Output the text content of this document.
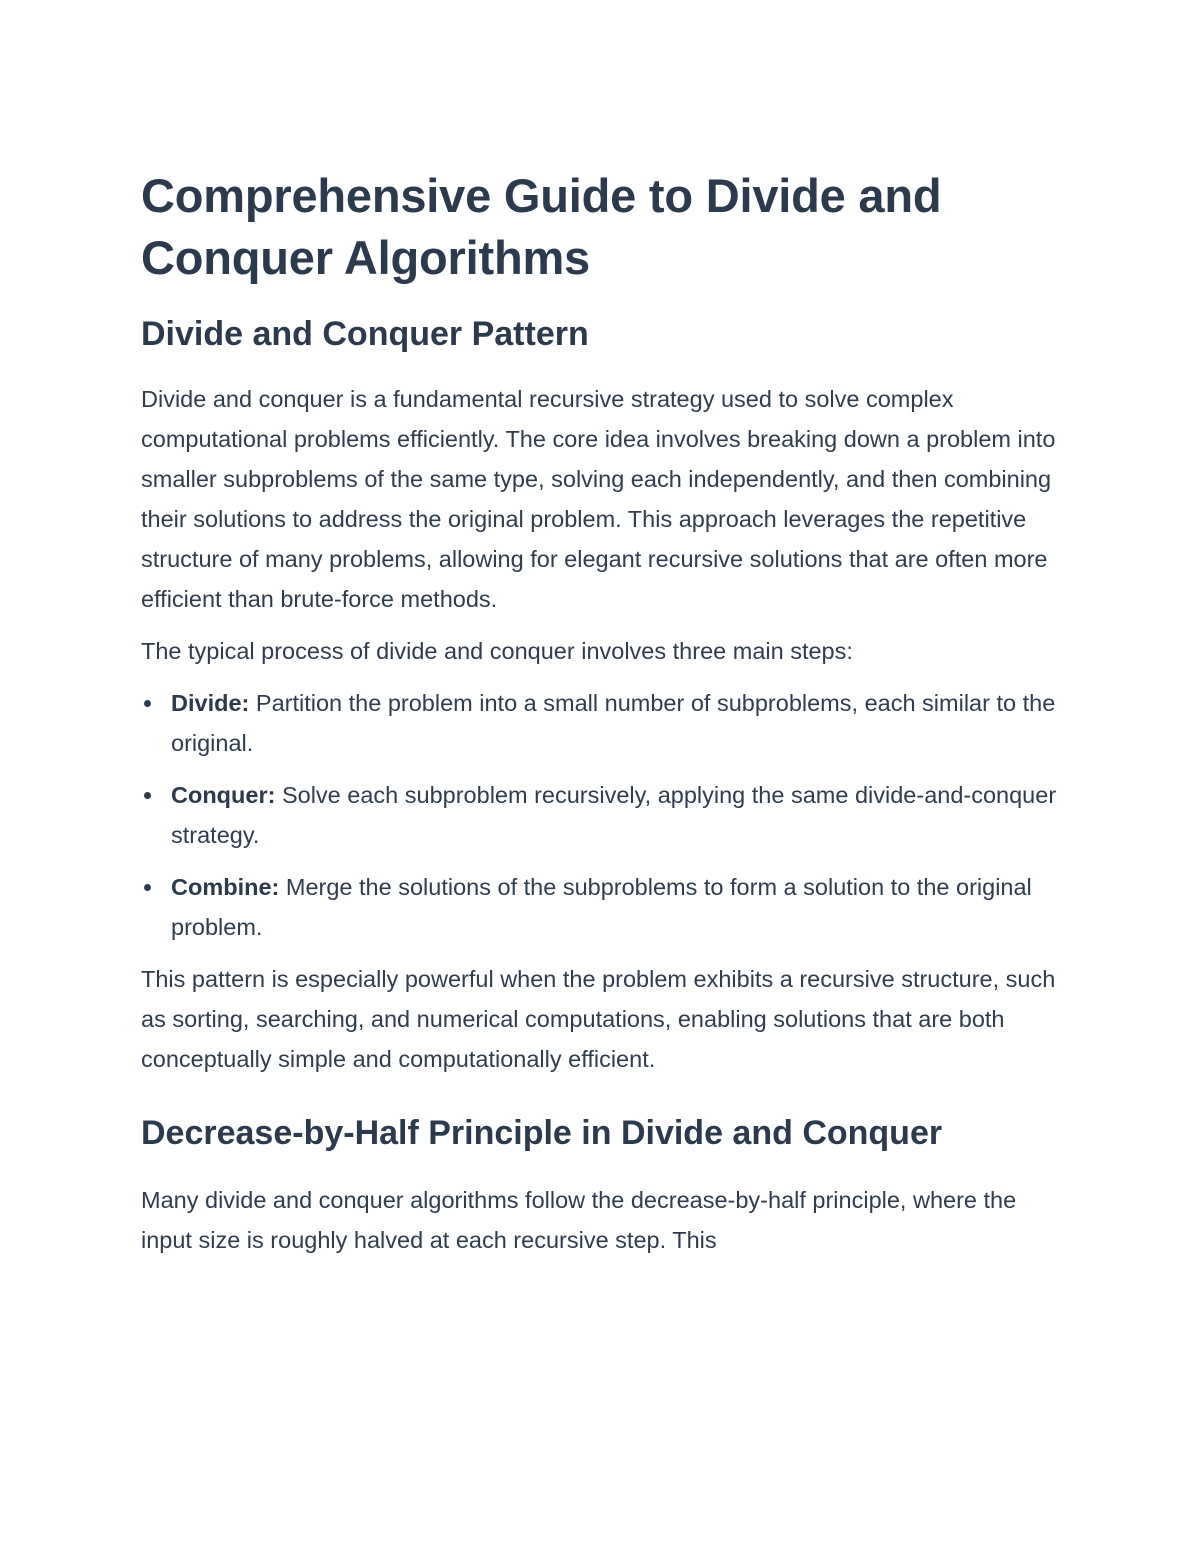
Comprehensive Guide to Divide and Conquer Algorithms
Divide and Conquer Pattern

Divide and conquer is a fundamental recursive strategy used to solve complex computational problems efficiently. The core idea involves breaking down a problem into smaller subproblems of the same type, solving each independently, and then combining their solutions to address the original problem. This approach leverages the repetitive structure of many problems, allowing for elegant recursive solutions that are often more efficient than brute-force methods.

The typical process of divide and conquer involves three main steps:

Divide: Partition the problem into a small number of subproblems, each similar to the original.
Conquer: Solve each subproblem recursively, applying the same divide-and-conquer strategy.
Combine: Merge the solutions of the subproblems to form a solution to the original problem.

This pattern is especially powerful when the problem exhibits a recursive structure, such as sorting, searching, and numerical computations, enabling solutions that are both conceptually simple and computationally efficient.

Decrease-by-Half Principle in Divide and Conquer

Many divide and conquer algorithms follow the decrease-by-half principle, where the input size is roughly halved at each recursive step. This
